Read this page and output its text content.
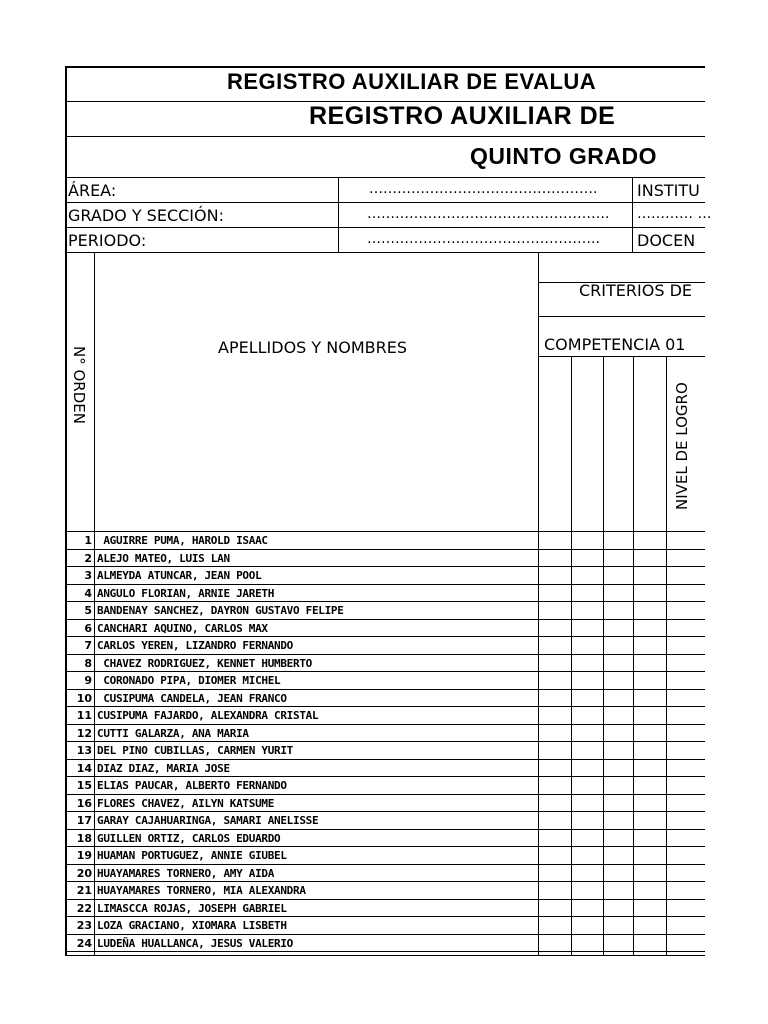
REGISTRO AUXILIAR DE EVALUA
REGISTRO AUXILIAR DE
QUINTO GRADO
ÁREA:	…………………………………………. INSTITU
GRADO Y SECCIÓN:	……………………………………………. ………… …
PERIODO:	………………………………………….. DOCEN
N° ORDEN	APELLIDOS Y NOMBRES
CRITERIOS DE
COMPETENCIA 01
NIVEL DE LOGRO
1 AGUIRRE PUMA, HAROLD ISAAC
2 ALEJO MATEO, LUIS LAN
3 ALMEYDA ATUNCAR, JEAN POOL
4 ANGULO FLORIAN, ARNIE JARETH
5 BANDENAY SANCHEZ, DAYRON GUSTAVO FELIPE
6 CANCHARI AQUINO, CARLOS MAX
7 CARLOS YEREN, LIZANDRO FERNANDO
8 CHAVEZ RODRIGUEZ, KENNET HUMBERTO
9 CORONADO PIPA, DIOMER MICHEL
10 CUSIPUMA CANDELA, JEAN FRANCO
11 CUSIPUMA FAJARDO, ALEXANDRA CRISTAL
12 CUTTI GALARZA, ANA MARIA
13 DEL PINO CUBILLAS, CARMEN YURIT
14 DIAZ DIAZ, MARIA JOSE
15 ELIAS PAUCAR, ALBERTO FERNANDO
16 FLORES CHAVEZ, AILYN KATSUME
17 GARAY CAJAHUARINGA, SAMARI ANELISSE
18 GUILLEN ORTIZ, CARLOS EDUARDO
19 HUAMAN PORTUGUEZ, ANNIE GIUBEL
20 HUAYAMARES TORNERO, AMY AIDA
21 HUAYAMARES TORNERO, MIA ALEXANDRA
22 LIMASCCA ROJAS, JOSEPH GABRIEL
23 LOZA GRACIANO, XIOMARA LISBETH
24 LUDEÑA HUALLANCA, JESUS VALERIO
